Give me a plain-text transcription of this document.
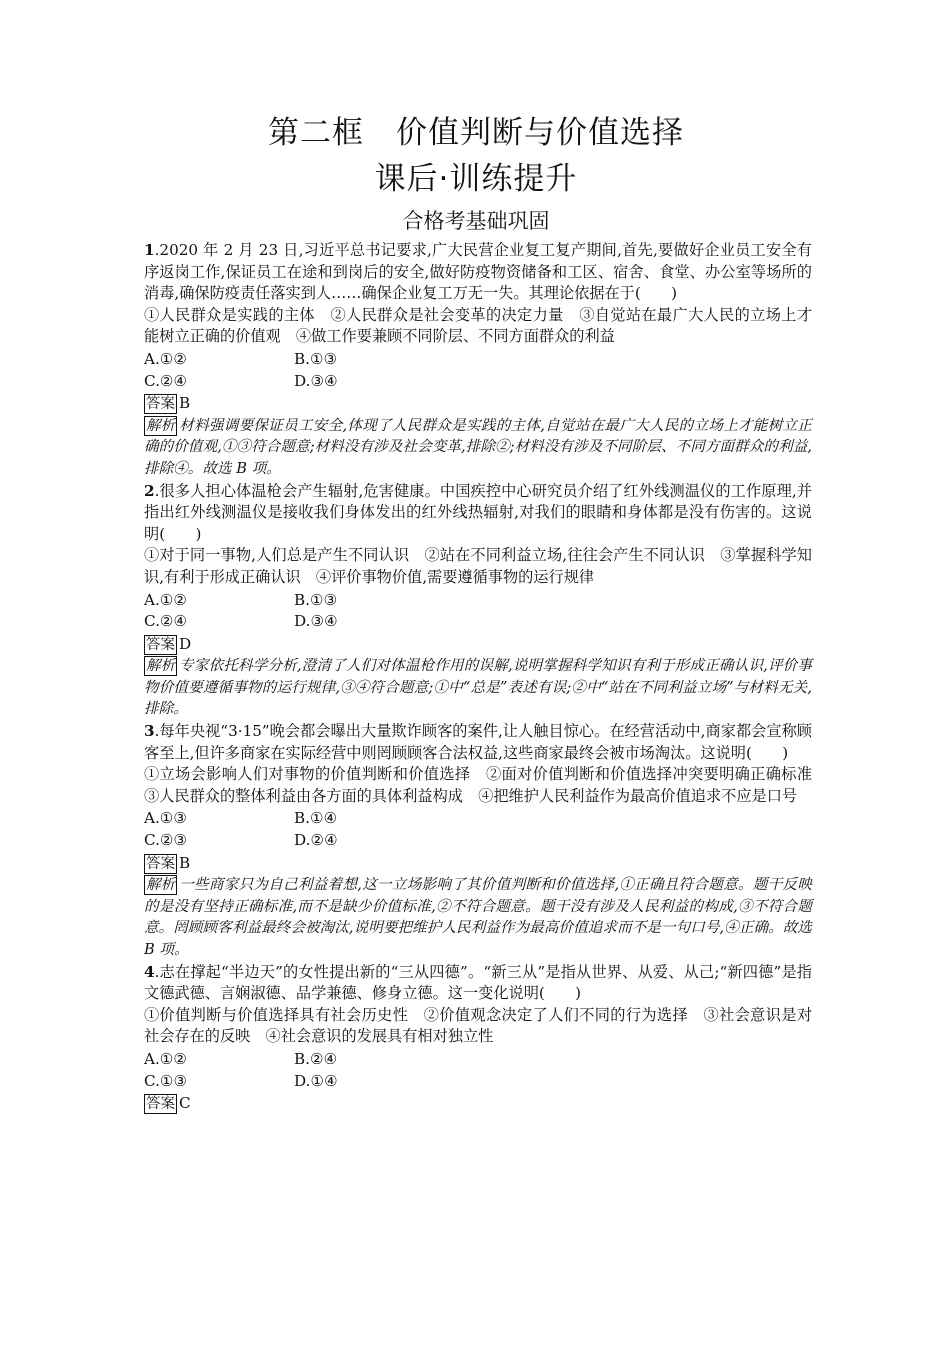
第二框　价值判断与价值选择
课后·训练提升
合格考基础巩固

1.2020 年 2 月 23 日,习近平总书记要求,广大民营企业复工复产期间,首先,要做好企业员工安全有序返岗工作,保证员工在途和到岗后的安全,做好防疫物资储备和工区、宿舍、食堂、办公室等场所的消毒,确保防疫责任落实到人……确保企业复工万无一失。其理论依据在于(　　)

①人民群众是实践的主体　②人民群众是社会变革的决定力量　③自觉站在最广大人民的立场上才能树立正确的价值观　④做工作要兼顾不同阶层、不同方面群众的利益

A.①②	B.①③
C.②④	D.③④

答案 B

解析 材料强调要保证员工安全,体现了人民群众是实践的主体,自觉站在最广大人民的立场上才能树立正确的价值观,①③符合题意;材料没有涉及社会变革,排除②;材料没有涉及不同阶层、不同方面群众的利益,排除④。故选 B 项。

2.很多人担心体温枪会产生辐射,危害健康。中国疾控中心研究员介绍了红外线测温仪的工作原理,并指出红外线测温仪是接收我们身体发出的红外线热辐射,对我们的眼睛和身体都是没有伤害的。这说明(　　)

①对于同一事物,人们总是产生不同认识　②站在不同利益立场,往往会产生不同认识　③掌握科学知识,有利于形成正确认识　④评价事物价值,需要遵循事物的运行规律

A.①②	B.①③
C.②④	D.③④

答案 D

解析 专家依托科学分析,澄清了人们对体温枪作用的误解,说明掌握科学知识有利于形成正确认识,评价事物价值要遵循事物的运行规律,③④符合题意;①中“总是”表述有误;②中“站在不同利益立场”与材料无关,排除。

3.每年央视“3·15”晚会都会曝出大量欺诈顾客的案件,让人触目惊心。在经营活动中,商家都会宣称顾客至上,但许多商家在实际经营中则罔顾顾客合法权益,这些商家最终会被市场淘汰。这说明(　　)

①立场会影响人们对事物的价值判断和价值选择　②面对价值判断和价值选择冲突要明确正确标准　③人民群众的整体利益由各方面的具体利益构成　④把维护人民利益作为最高价值追求不应是口号

A.①③	B.①④
C.②③	D.②④

答案 B

解析 一些商家只为自己利益着想,这一立场影响了其价值判断和价值选择,①正确且符合题意。题干反映的是没有坚持正确标准,而不是缺少价值标准,②不符合题意。题干没有涉及人民利益的构成,③不符合题意。罔顾顾客利益最终会被淘汰,说明要把维护人民利益作为最高价值追求而不是一句口号,④正确。故选 B 项。

4.志在撑起“半边天”的女性提出新的“三从四德”。“新三从”是指从世界、从爱、从己;“新四德”是指文德武德、言娴淑德、品学兼德、修身立德。这一变化说明(　　)

①价值判断与价值选择具有社会历史性　②价值观念决定了人们不同的行为选择　③社会意识是对社会存在的反映　④社会意识的发展具有相对独立性

A.①②	B.②④
C.①③	D.①④

答案 C
